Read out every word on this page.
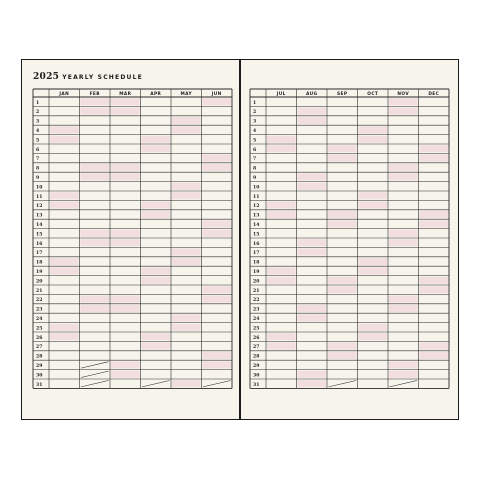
2025 YEARLY SCHEDULE
JAN	FEB	MAR	APR	MAY	JUN
1
2
3
4
5
6
7
8
9
10
11
12
13
14
15
16
17
18
19
20
21
22
23
24
25
26
27
28
29
30
31
JUL	AUG	SEP	OCT	NOV	DEC
1
2
3
4
5
6
7
8
9
10
11
12
13
14
15
16
17
18
19
20
21
22
23
24
25
26
27
28
29
30
31
